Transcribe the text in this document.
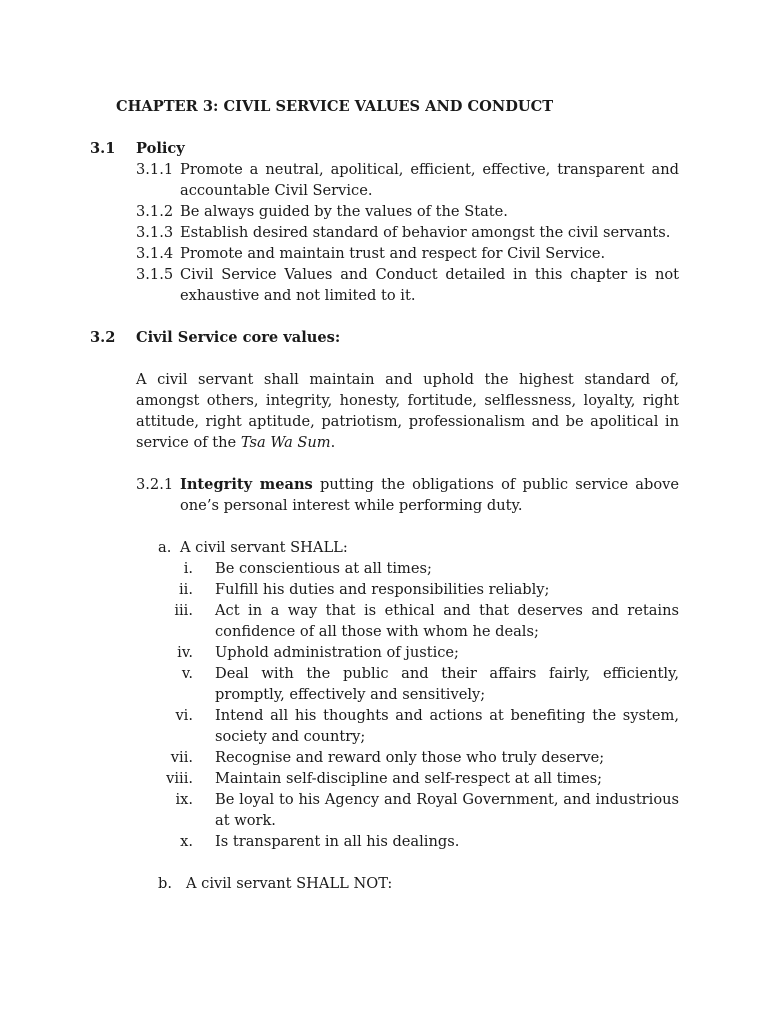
CHAPTER 3: CIVIL SERVICE VALUES AND CONDUCT
3.1 Policy
3.1.1 Promote a neutral, apolitical, efficient, effective, transparent and
accountable Civil Service.
3.1.2 Be always guided by the values of the State.
3.1.3 Establish desired standard of behavior amongst the civil servants.
3.1.4 Promote and maintain trust and respect for Civil Service.
3.1.5 Civil Service Values and Conduct detailed in this chapter is not
exhaustive and not limited to it.
3.2 Civil Service core values:
A civil servant shall maintain and uphold the highest standard of,
amongst others, integrity, honesty, fortitude, selflessness, loyalty, right
attitude, right aptitude, patriotism, professionalism and be apolitical in
service of the Tsa Wa Sum.
3.2.1 Integrity means putting the obligations of public service above
one’s personal interest while performing duty.
a. A civil servant SHALL:
i. Be conscientious at all times;
ii. Fulfill his duties and responsibilities reliably;
iii. Act in a way that is ethical and that deserves and retains
confidence of all those with whom he deals;
iv. Uphold administration of justice;
v. Deal with the public and their affairs fairly, efficiently,
promptly, effectively and sensitively;
vi. Intend all his thoughts and actions at benefiting the system,
society and country;
vii. Recognise and reward only those who truly deserve;
viii. Maintain self-discipline and self-respect at all times;
ix. Be loyal to his Agency and Royal Government, and industrious
at work.
x. Is transparent in all his dealings.
b. A civil servant SHALL NOT:
